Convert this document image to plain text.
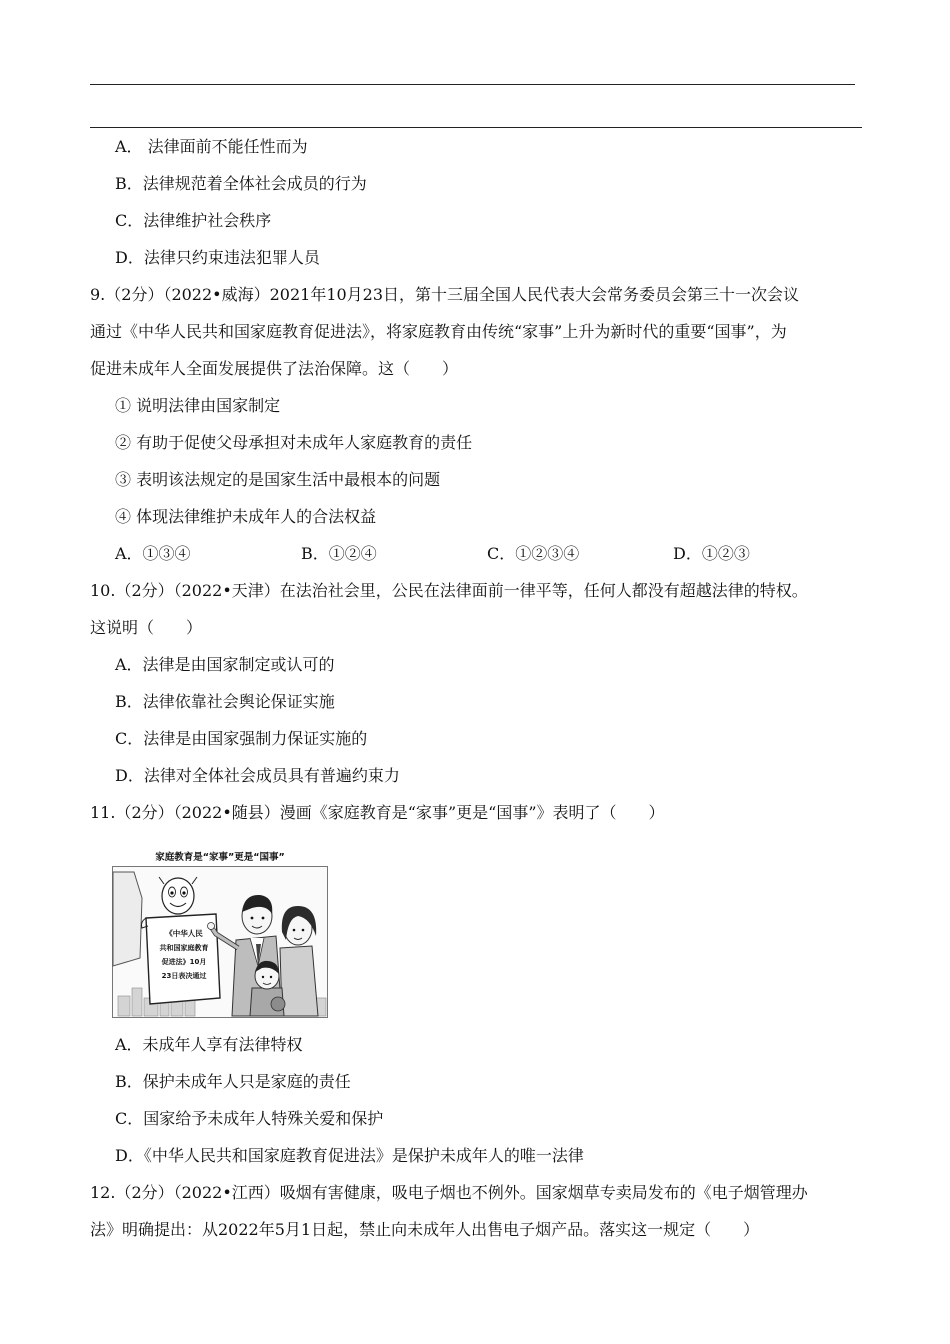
A． 法律面前不能任性而为
B．法律规范着全体社会成员的行为
C．法律维护社会秩序
D．法律只约束违法犯罪人员
9.（2分）（2022•威海）2021年10月23日，第十三届全国人民代表大会常务委员会第三十一次会议
通过《中华人民共和国家庭教育促进法》，将家庭教育由传统“家事”上升为新时代的重要“国事”，为
促进未成年人全面发展提供了法治保障。这（　　）
① 说明法律由国家制定
② 有助于促使父母承担对未成年人家庭教育的责任
③ 表明该法规定的是国家生活中最根本的问题
④ 体现法律维护未成年人的合法权益
A．①③④	B．①②④	C．①②③④	D．①②③
10.（2分）（2022•天津）在法治社会里，公民在法律面前一律平等，任何人都没有超越法律的特权。
这说明（　　）
A．法律是由国家制定或认可的
B．法律依靠社会舆论保证实施
C．法律是由国家强制力保证实施的
D．法律对全体社会成员具有普遍约束力
11.（2分）（2022•随县）漫画《家庭教育是“家事”更是“国事”》表明了（　　）
家庭教育是“家事”更是“国事”
《中华人民
共和国家庭教育
促进法》10月
23日表决通过
A．未成年人享有法律特权
B．保护未成年人只是家庭的责任
C．国家给予未成年人特殊关爱和保护
D．《中华人民共和国家庭教育促进法》是保护未成年人的唯一法律
12.（2分）（2022•江西）吸烟有害健康，吸电子烟也不例外。国家烟草专卖局发布的《电子烟管理办
法》明确提出：从2022年5月1日起，禁止向未成年人出售电子烟产品。落实这一规定（　　）
